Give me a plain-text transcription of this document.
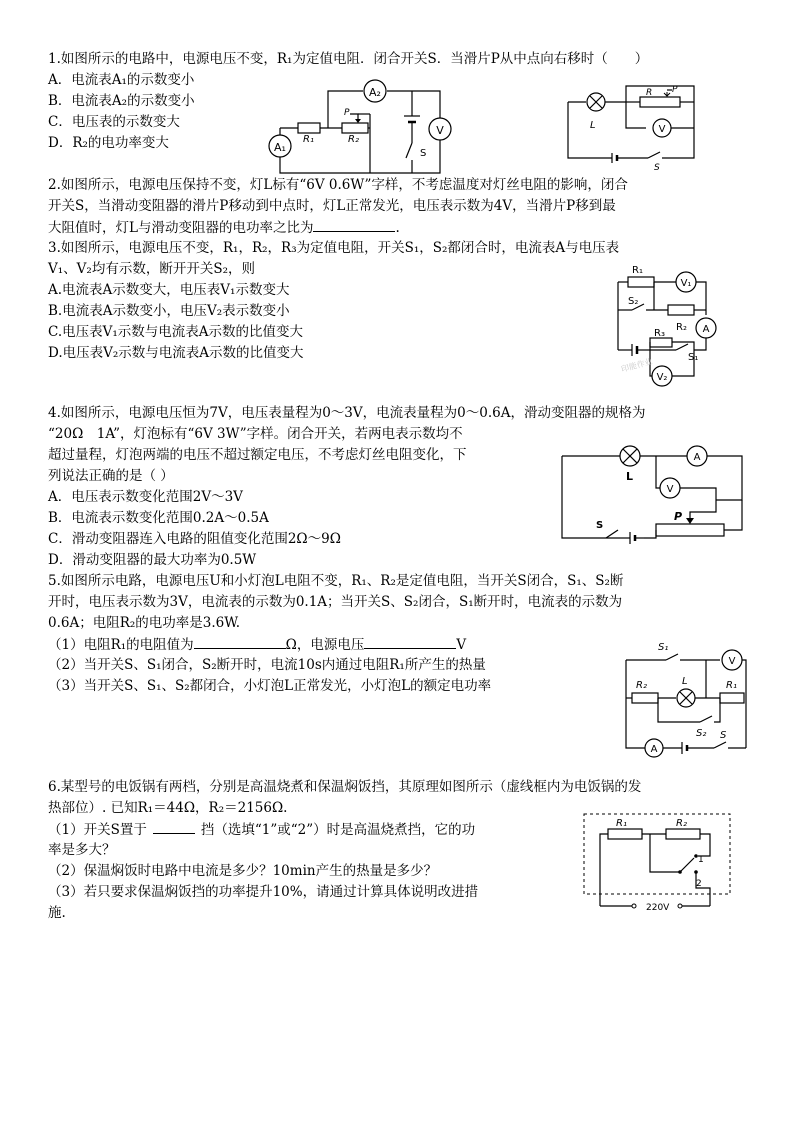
1.如图所示的电路中，电源电压不变，R₁为定值电阻．闭合开关S．当滑片P从中点向右移时（　　）
A．电流表A₁的示数变小
B．电流表A₂的示数变小
C．电压表的示数变大
D．R₂的电功率变大
A₂
V
S
R₁	R₂
P
A₁
S
L
P
R
V
2.如图所示，电源电压保持不变，灯L标有“6V 0.6W”字样，不考虑温度对灯丝电阻的影响，闭合
开关S，当滑动变阻器的滑片P移动到中点时，灯L正常发光，电压表示数为4V，当滑片P移到最
大阻值时，灯L与滑动变阻器的电功率之比为	.
3.如图所示，电源电压不变，R₁，R₂，R₃为定值电阻，开关S₁，S₂都闭合时，电流表A与电压表
V₁、V₂均有示数，断开开关S₂，则
A.电流表A示数变大，电压表V₁示数变大
B.电流表A示数变小，电压V₂表示数变小
C.电压表V₁示数与电流表A示数的比值变大
D.电压表V₂示数与电流表A示数的比值变大
R₁
V₁
S₂
R₂ A
R₃
S₁
V₂
印能作业
4.如图所示，电源电压恒为7V，电压表量程为0～3V，电流表量程为0～0.6A，滑动变阻器的规格为
“20Ω　1A”，灯泡标有“6V 3W”字样。闭合开关，若两电表示数均不
超过量程，灯泡两端的电压不超过额定电压，不考虑灯丝电阻变化，下
列说法正确的是（ ）
A．电压表示数变化范围2V～3V
B．电流表示数变化范围0.2A～0.5A
C．滑动变阻器连入电路的阻值变化范围2Ω～9Ω
D．滑动变阻器的最大功率为0.5W
L
A
V
P
S
5.如图所示电路，电源电压U和小灯泡L电阻不变，R₁、R₂是定值电阻，当开关S闭合，S₁、S₂断
开时，电压表示数为3V，电流表的示数为0.1A；当开关S、S₂闭合，S₁断开时，电流表的示数为
0.6A；电阻R₂的电功率是3.6W.
（1）电阻R₁的电阻值为	Ω，电源电压	V
（2）当开关S、S₁闭合，S₂断开时，电流10s内通过电阻R₁所产生的热量
（3）当开关S、S₁、S₂都闭合，小灯泡L正常发光，小灯泡L的额定电功率
S₁
V
R₂	L	R₁
S₂
A
S
6.某型号的电饭锅有两档，分别是高温烧煮和保温焖饭挡，其原理如图所示（虚线框内为电饭锅的发
热部位）. 已知R₁＝44Ω，R₂＝2156Ω.
（1）开关S置于	挡（选填“1”或“2”）时是高温烧煮挡，它的功
率是多大？
（2）保温焖饭时电路中电流是多少？10min产生的热量是多少？
（3）若只要求保温焖饭挡的功率提升10%，请通过计算具体说明改进措
施.
R₁	R₂
1
2
220V
